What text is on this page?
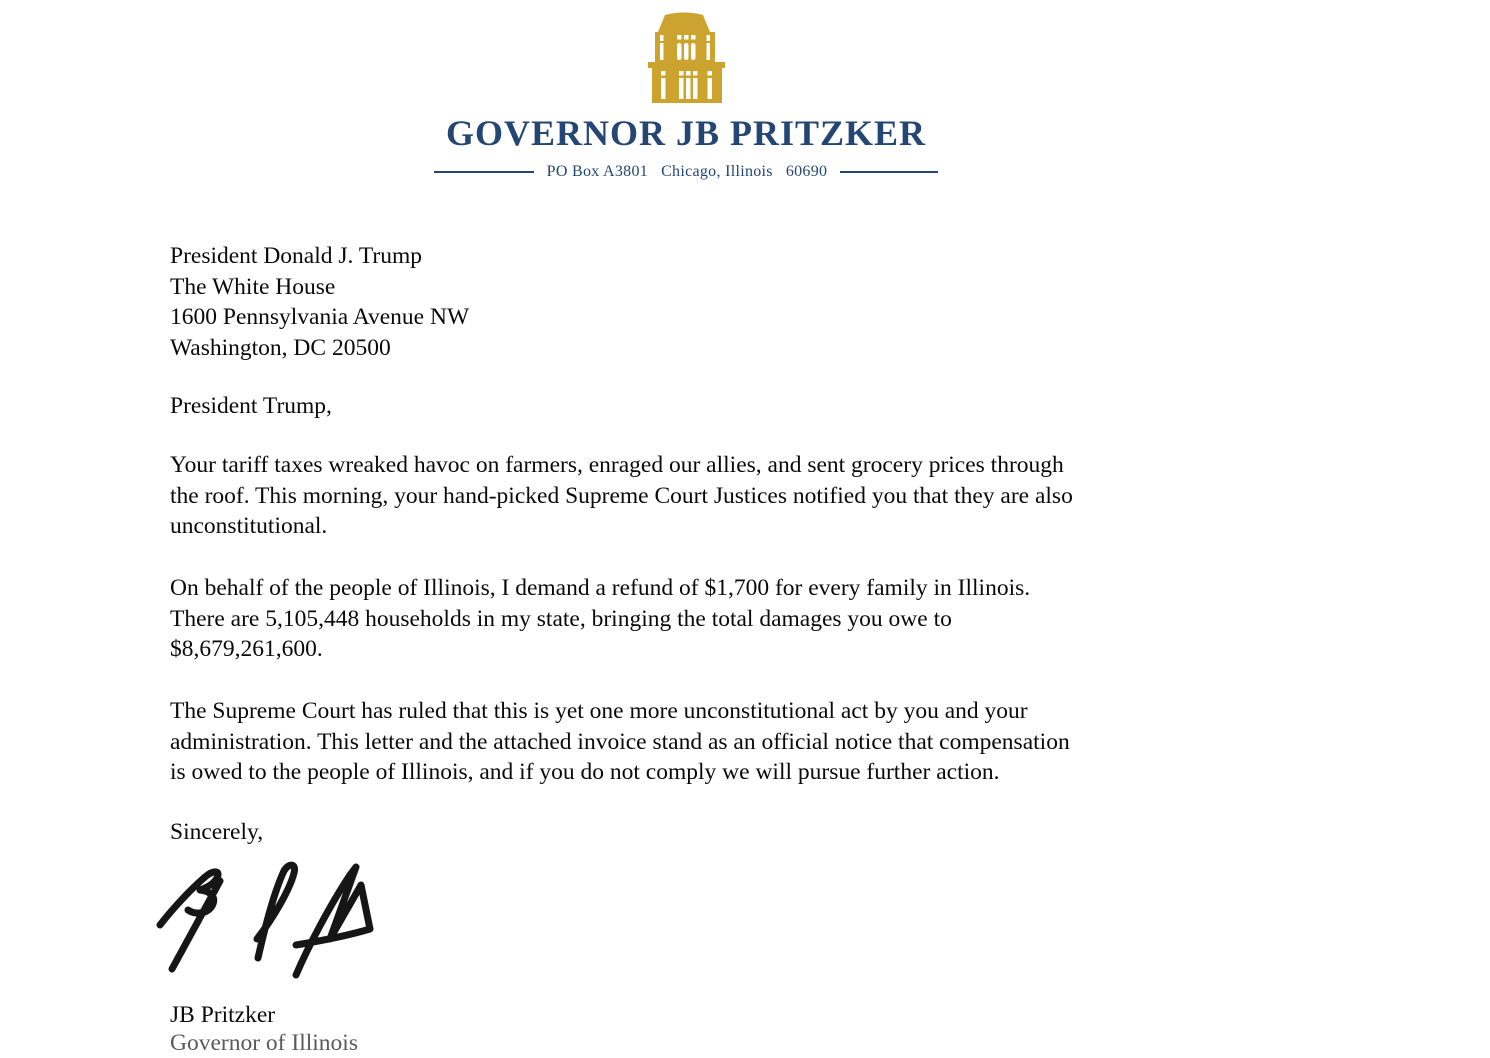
GOVERNOR JB PRITZKER
PO Box A3801 Chicago, Illinois 60690
President Donald J. Trump
The White House
1600 Pennsylvania Avenue NW
Washington, DC 20500
President Trump,
Your tariff taxes wreaked havoc on farmers, enraged our allies, and sent grocery prices through
the roof. This morning, your hand-picked Supreme Court Justices notified you that they are also
unconstitutional.
On behalf of the people of Illinois, I demand a refund of $1,700 for every family in Illinois.
There are 5,105,448 households in my state, bringing the total damages you owe to
$8,679,261,600.
The Supreme Court has ruled that this is yet one more unconstitutional act by you and your
administration. This letter and the attached invoice stand as an official notice that compensation
is owed to the people of Illinois, and if you do not comply we will pursue further action.
Sincerely,
JB Pritzker
Governor of Illinois
